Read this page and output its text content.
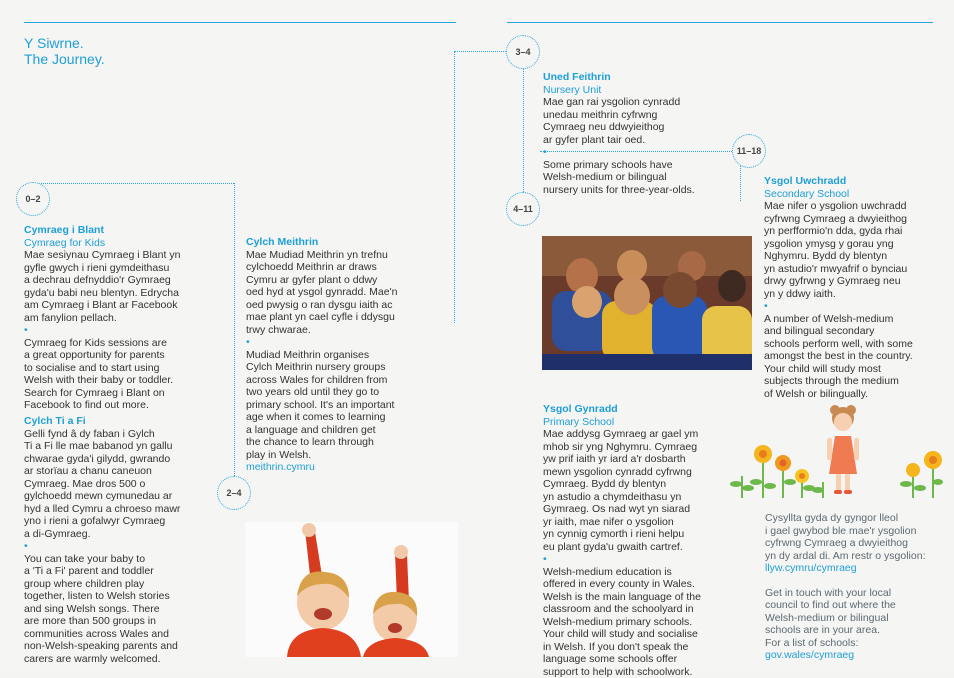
Y Siwrne.
The Journey.
0–2
2–4
Cymraeg i Blant
Cymraeg for Kids

Mae sesiynau Cymraeg i Blant yn
gyfle gwych i rieni gymdeithasu
a dechrau defnyddio'r Gymraeg
gyda'u babi neu blentyn. Edrycha
am Cymraeg i Blant ar Facebook
am fanylion pellach.

•

Cymraeg for Kids sessions are
a great opportunity for parents
to socialise and to start using
Welsh with their baby or toddler.
Search for Cymraeg i Blant on
Facebook to find out more.

Cylch Ti a Fi

Gelli fynd â dy faban i Gylch
Ti a Fi lle mae babanod yn gallu
chwarae gyda'i gilydd, gwrando
ar storïau a chanu caneuon
Cymraeg. Mae dros 500 o
gylchoedd mewn cymunedau ar
hyd a lled Cymru a chroeso mawr
yno i rieni a gofalwyr Cymraeg
a di-Gymraeg.

•

You can take your baby to
a 'Ti a Fi' parent and toddler
group where children play
together, listen to Welsh stories
and sing Welsh songs. There
are more than 500 groups in
communities across Wales and
non-Welsh-speaking parents and
carers are warmly welcomed.

Cylch Meithrin

Mae Mudiad Meithrin yn trefnu
cylchoedd Meithrin ar draws
Cymru ar gyfer plant o ddwy
oed hyd at ysgol gynradd. Mae'n
oed pwysig o ran dysgu iaith ac
mae plant yn cael cyfle i ddysgu
trwy chwarae.

•

Mudiad Meithrin organises
Cylch Meithrin nursery groups
across Wales for children from
two years old until they go to
primary school. It's an important
age when it comes to learning
a language and children get
the chance to learn through
play in Welsh.

meithrin.cymru
3–4
4–11
11–18
Uned Feithrin
Nursery Unit

Mae gan rai ysgolion cynradd
unedau meithrin cyfrwng
Cymraeg neu ddwyieithog
ar gyfer plant tair oed.

•

Some primary schools have
Welsh-medium or bilingual
nursery units for three-year-olds.

Ysgol Uwchradd
Secondary School

Mae nifer o ysgolion uwchradd
cyfrwng Cymraeg a dwyieithog
yn perfformio'n dda, gyda rhai
ysgolion ymysg y gorau yng
Nghymru. Bydd dy blentyn
yn astudio'r mwyafrif o bynciau
drwy gyfrwng y Gymraeg neu
yn y ddwy iaith.

•

A number of Welsh-medium
and bilingual secondary
schools perform well, with some
amongst the best in the country.
Your child will study most
subjects through the medium
of Welsh or bilingually.

Ysgol Gynradd
Primary School

Mae addysg Gymraeg ar gael ym
mhob sir yng Nghymru. Cymraeg
yw prif iaith yr iard a'r dosbarth
mewn ysgolion cynradd cyfrwng
Cymraeg. Bydd dy blentyn
yn astudio a chymdeithasu yn
Gymraeg. Os nad wyt yn siarad
yr iaith, mae nifer o ysgolion
yn cynnig cymorth i rieni helpu
eu plant gyda'u gwaith cartref.

•

Welsh-medium education is
offered in every county in Wales.
Welsh is the main language of the
classroom and the schoolyard in
Welsh-medium primary schools.
Your child will study and socialise
in Welsh. If you don't speak the
language some schools offer
support to help with schoolwork.

Cysyllta gyda dy gyngor lleol
i gael gwybod ble mae'r ysgolion
cyfrwng Cymraeg a dwyieithog
yn dy ardal di. Am restr o ysgolion:

llyw.cymru/cymraeg

Get in touch with your local
council to find out where the
Welsh-medium or bilingual
schools are in your area.
For a list of schools:

gov.wales/cymraeg
